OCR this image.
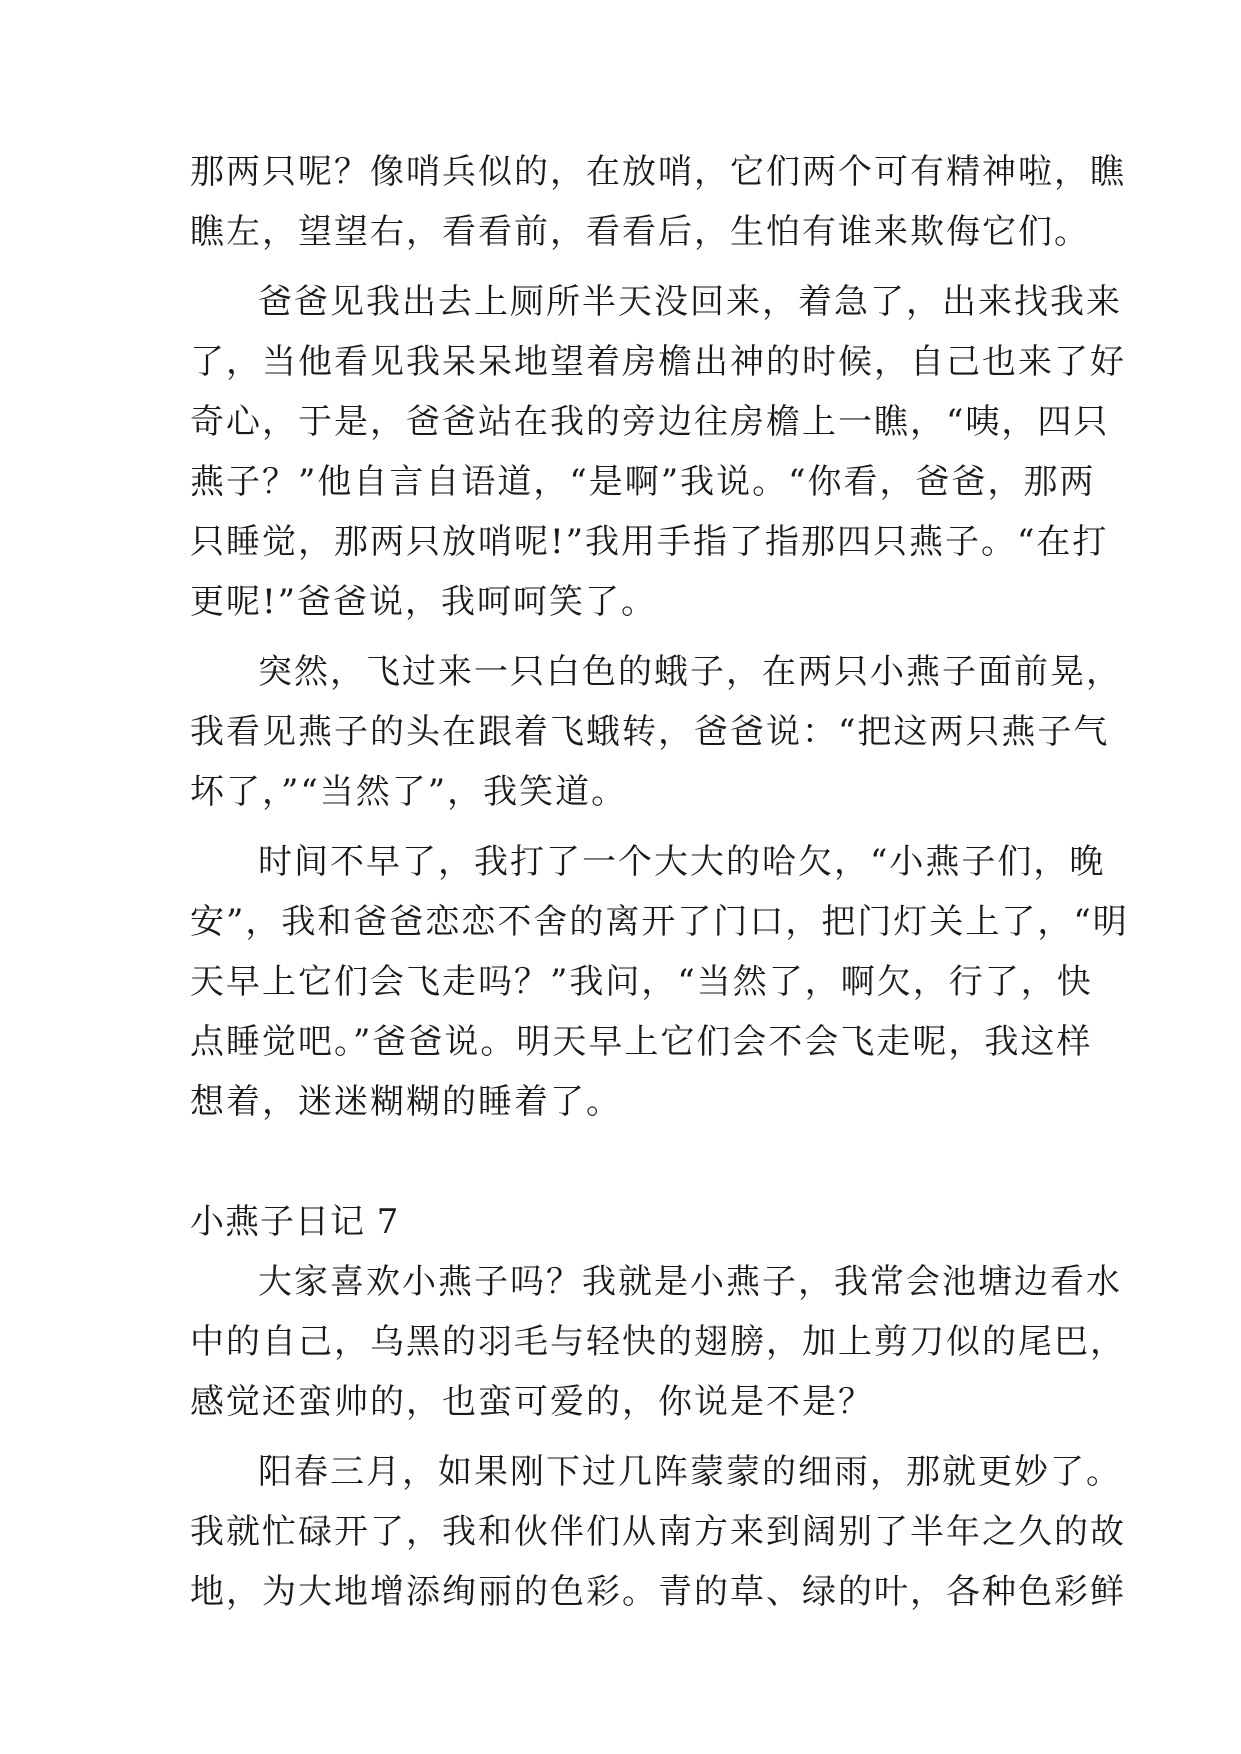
那两只呢？像哨兵似的，在放哨，它们两个可有精神啦，瞧
瞧左，望望右，看看前，看看后，生怕有谁来欺侮它们。
爸爸见我出去上厕所半天没回来，着急了，出来找我来
了，当他看见我呆呆地望着房檐出神的时候，自己也来了好
奇心，于是，爸爸站在我的旁边往房檐上一瞧，“咦，四只
燕子？”他自言自语道，“是啊”我说。“你看，爸爸，那两
只睡觉，那两只放哨呢!”我用手指了指那四只燕子。“在打
更呢!”爸爸说，我呵呵笑了。
突然，飞过来一只白色的蛾子，在两只小燕子面前晃，
我看见燕子的头在跟着飞蛾转，爸爸说：“把这两只燕子气
坏了，”“当然了”，我笑道。
时间不早了，我打了一个大大的哈欠，“小燕子们，晚
安”，我和爸爸恋恋不舍的离开了门口，把门灯关上了，“明
天早上它们会飞走吗？”我问，“当然了，啊欠，行了，快
点睡觉吧。”爸爸说。明天早上它们会不会飞走呢，我这样
想着，迷迷糊糊的睡着了。
小燕子日记 7
大家喜欢小燕子吗？我就是小燕子，我常会池塘边看水
中的自己，乌黑的羽毛与轻快的翅膀，加上剪刀似的尾巴，
感觉还蛮帅的，也蛮可爱的，你说是不是？
阳春三月，如果刚下过几阵蒙蒙的细雨，那就更妙了。
我就忙碌开了，我和伙伴们从南方来到阔别了半年之久的故
地，为大地增添绚丽的色彩。青的草、绿的叶，各种色彩鲜
